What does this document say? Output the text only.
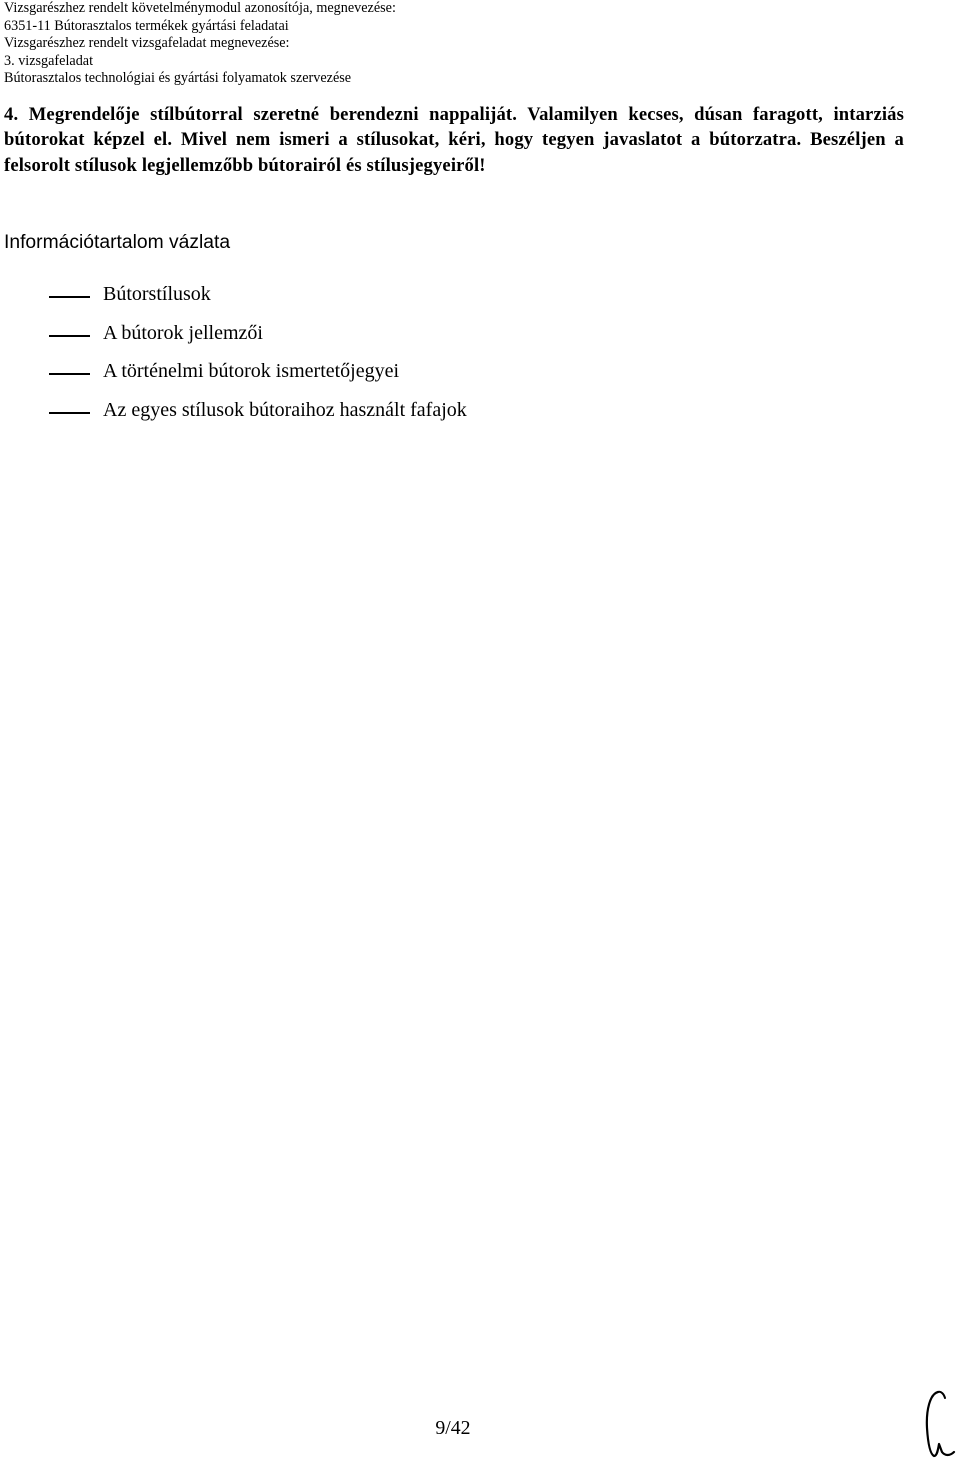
Vizsgarészhez rendelt követelménymodul azonosítója, megnevezése:
6351-11 Bútorasztalos termékek gyártási feladatai
Vizsgarészhez rendelt vizsgafeladat megnevezése:
3. vizsgafeladat
Bútorasztalos technológiai és gyártási folyamatok szervezése

4. Megrendelője stílbútorral szeretné berendezni nappaliját. Valamilyen kecses, dúsan faragott, intarziás bútorokat képzel el. Mivel nem ismeri a stílusokat, kéri, hogy tegyen javaslatot a bútorzatra. Beszéljen a felsorolt stílusok legjellemzőbb bútorairól és stílusjegyeiről!

Információtartalom vázlata
Bútorstílusok
A bútorok jellemzői
A történelmi bútorok ismertetőjegyei
Az egyes stílusok bútoraihoz használt fafajok
9/42
